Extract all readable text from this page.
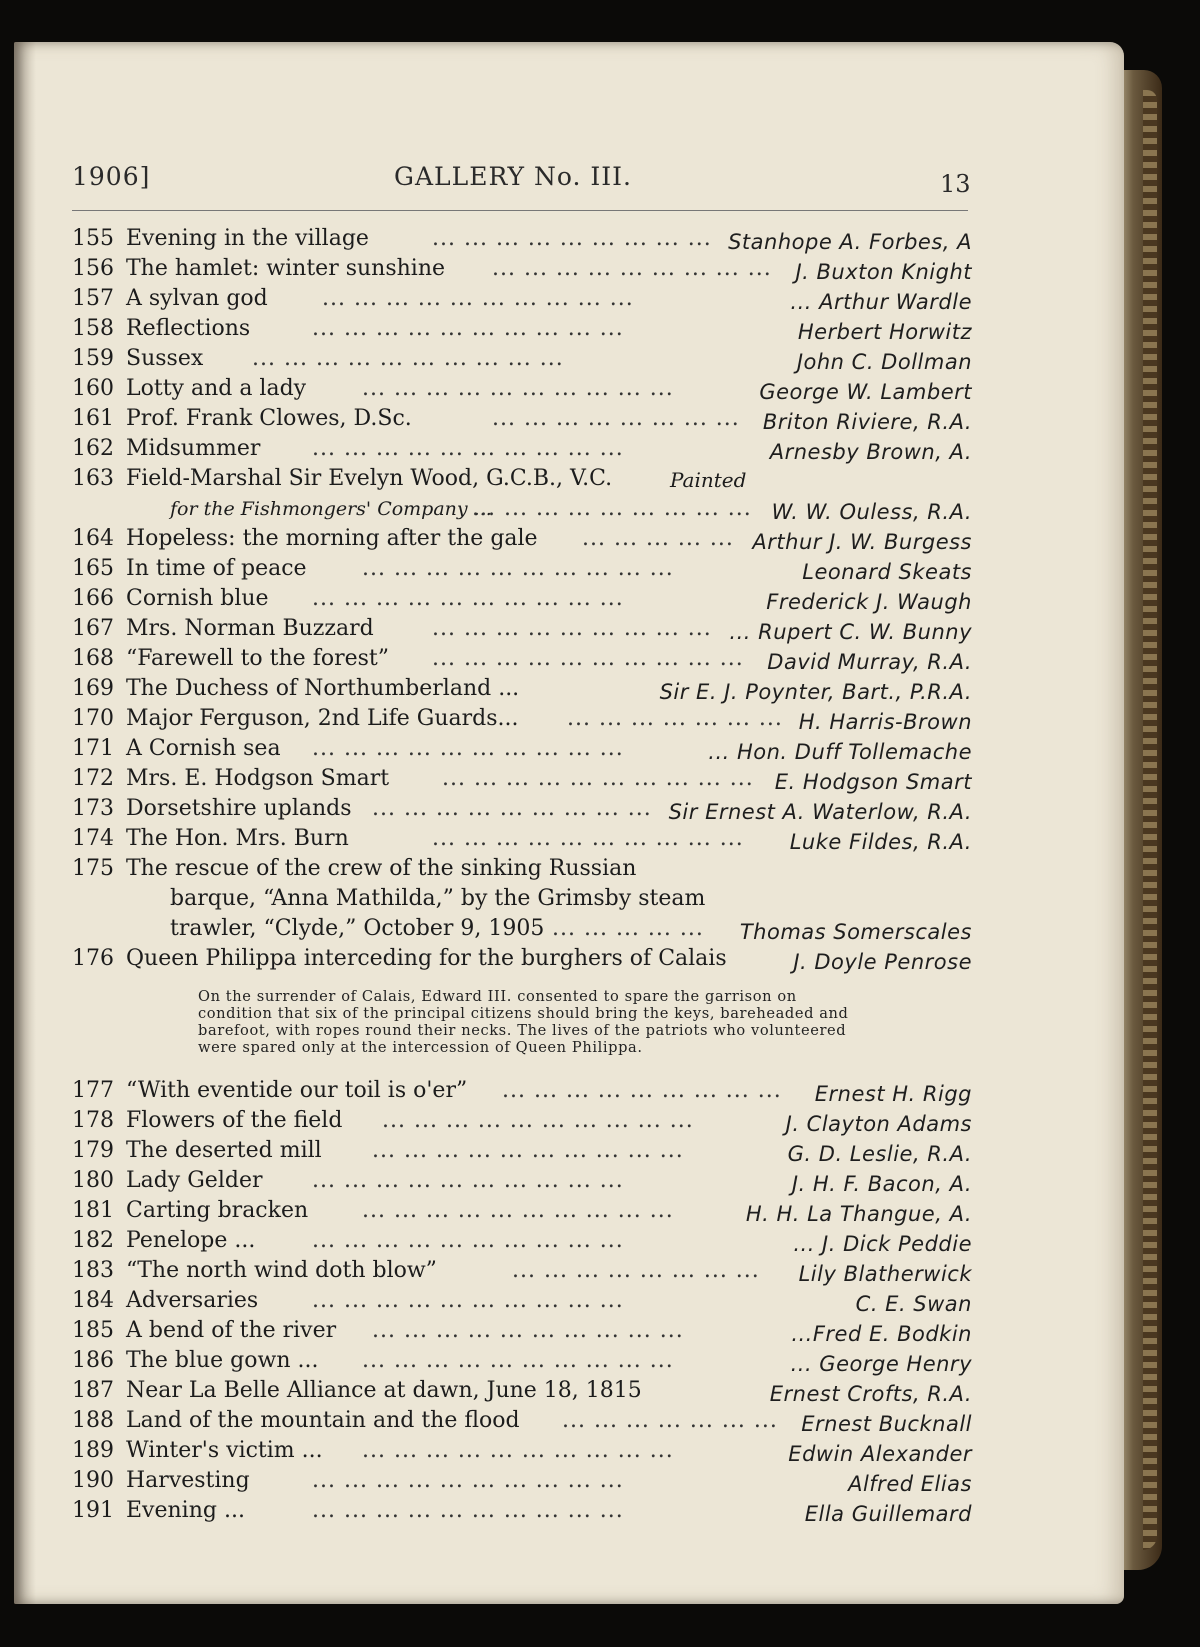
1906]	GALLERY No. III.	13
155 Evening in the village	... ... ... ... ... ... ... ... ... Stanhope A. Forbes, A
156 The hamlet: winter sunshine ... ... ... ... ... ... ... ... ... J. Buxton Knight
157 A sylvan god ... ... ... ... ... ... ... ... ... ...	... Arthur Wardle
158 Reflections	... ... ... ... ... ... ... ... ... ...	Herbert Horwitz
159 Sussex ... ... ... ... ... ... ... ... ... ...	John C. Dollman
160 Lotty and a lady	... ... ... ... ... ... ... ... ... ...	George W. Lambert
161 Prof. Frank Clowes, D.Sc.	... ... ... ... ... ... ... ... Briton Riviere, R.A.
162 Midsummer ... ... ... ... ... ... ... ... ... ...	Arnesby Brown, A.
163 Field-Marshal Sir Evelyn Wood, G.C.B., V.C.	Painted
for the Fishmongers' Company ...
... ... ... ... ... ... ... ... ... W. W. Ouless, R.A.
164 Hopeless: the morning after the gale ... ... ... ... ... Arthur J. W. Burgess
165 In time of peace	... ... ... ... ... ... ... ... ... ...	Leonard Skeats
166 Cornish blue ... ... ... ... ... ... ... ... ... ...	Frederick J. Waugh
167 Mrs. Norman Buzzard	... ... ... ... ... ... ... ... ... ... Rupert C. W. Bunny
168 “Farewell to the forest” ... ... ... ... ... ... ... ... ... ... David Murray, R.A.
169 The Duchess of Northumberland ...	Sir E. J. Poynter, Bart., P.R.A.
170 Major Ferguson, 2nd Life Guards... ... ... ... ... ... ... ... H. Harris-Brown
171 A Cornish sea ... ... ... ... ... ... ... ... ... ...	... Hon. Duff Tollemache
172 Mrs. E. Hodgson Smart ... ... ... ... ... ... ... ... ... ... E. Hodgson Smart
173 Dorsetshire uplands ... ... ... ... ... ... ... ... ... Sir Ernest A. Waterlow, R.A.
174 The Hon. Mrs. Burn	... ... ... ... ... ... ... ... ... ... Luke Fildes, R.A.
175 The rescue of the crew of the sinking Russian
barque, “Anna Mathilda,” by the Grimsby steam
trawler, “Clyde,” October 9, 1905 ... ... ... ... ... Thomas Somerscales
176 Queen Philippa interceding for the burghers of Calais	J. Doyle Penrose
On the surrender of Calais, Edward III. consented to spare the garrison on condition that six of the principal citizens should bring the keys, bareheaded and barefoot, with ropes round their necks. The lives of the patriots who volunteered were spared only at the intercession of Queen Philippa.
177 “With eventide our toil is o'er” ... ... ... ... ... ... ... ... ... Ernest H. Rigg
178 Flowers of the field ... ... ... ... ... ... ... ... ... ...	J. Clayton Adams
179 The deserted mill ... ... ... ... ... ... ... ... ... ...	G. D. Leslie, R.A.
180 Lady Gelder ... ... ... ... ... ... ... ... ... ...	J. H. F. Bacon, A.
181 Carting bracken ... ... ... ... ... ... ... ... ... ...	H. H. La Thangue, A.
182 Penelope ...	... ... ... ... ... ... ... ... ... ...	... J. Dick Peddie
183 “The north wind doth blow”	... ... ... ... ... ... ... ... Lily Blatherwick
184 Adversaries ... ... ... ... ... ... ... ... ... ...	C. E. Swan
185 A bend of the river ... ... ... ... ... ... ... ... ... ...	...Fred E. Bodkin
186 The blue gown ... ... ... ... ... ... ... ... ... ... ...	... George Henry
187 Near La Belle Alliance at dawn, June 18, 1815	Ernest Crofts, R.A.
188 Land of the mountain and the flood ... ... ... ... ... ... ... Ernest Bucknall
189 Winter's victim ... ... ... ... ... ... ... ... ... ... ...	Edwin Alexander
190 Harvesting	... ... ... ... ... ... ... ... ... ...	Alfred Elias
191 Evening ...	... ... ... ... ... ... ... ... ... ...	Ella Guillemard
